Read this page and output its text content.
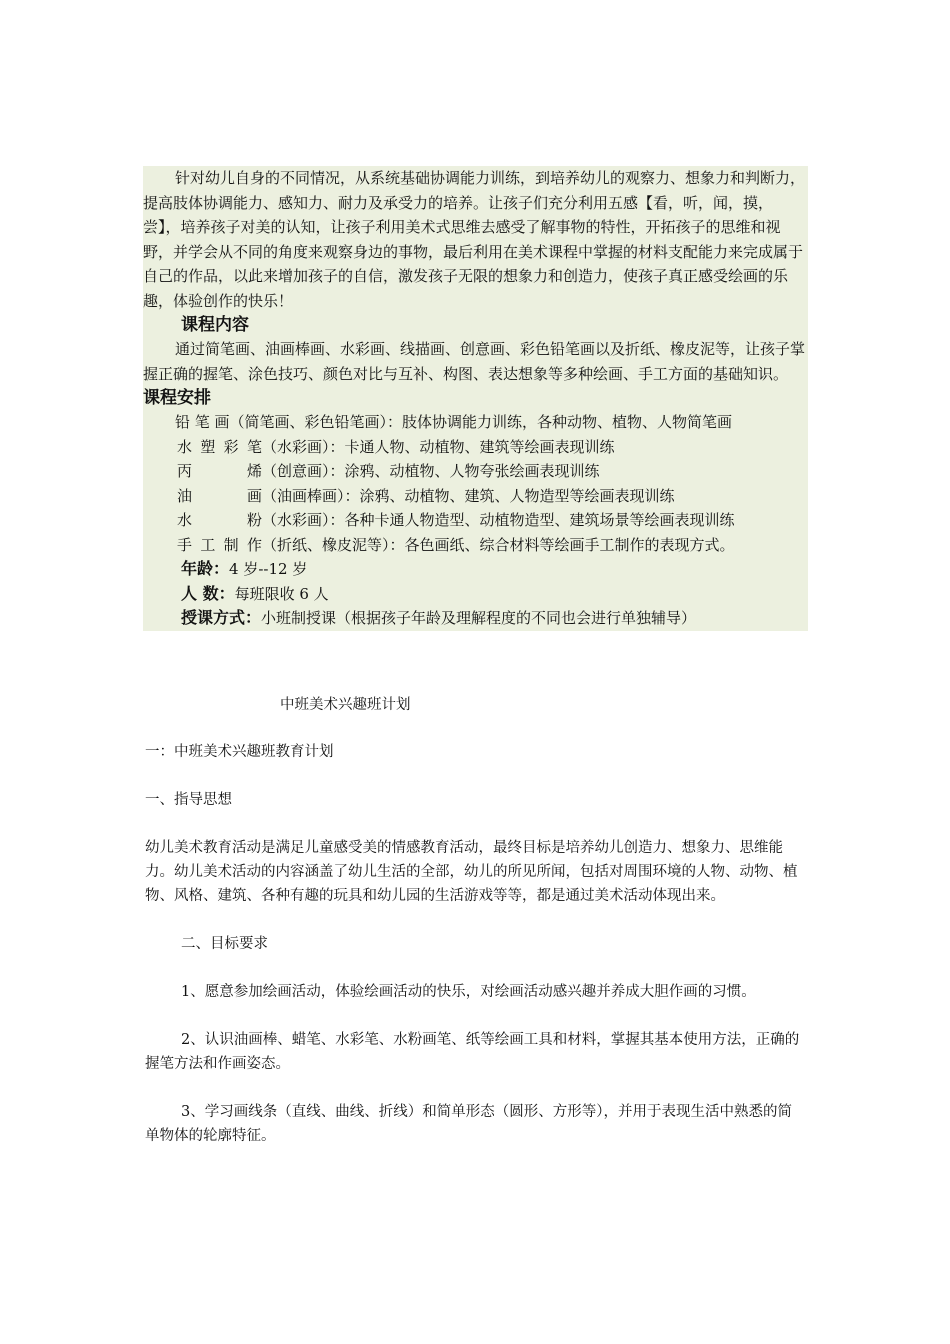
针对幼儿自身的不同情况，从系统基础协调能力训练，到培养幼儿的观察力、想象力和判断力，提高肢体协调能力、感知力、耐力及承受力的培养。让孩子们充分利用五感【看，听，闻，摸，尝】，培养孩子对美的认知，让孩子利用美术式思维去感受了解事物的特性，开拓孩子的思维和视野，并学会从不同的角度来观察身边的事物，最后利用在美术课程中掌握的材料支配能力来完成属于自己的作品，以此来增加孩子的自信，激发孩子无限的想象力和创造力，使孩子真正感受绘画的乐趣，体验创作的快乐！

课程内容

通过简笔画、油画棒画、水彩画、线描画、创意画、彩色铅笔画以及折纸、橡皮泥等，让孩子掌握正确的握笔、涂色技巧、颜色对比与互补、构图、表达想象等多种绘画、手工方面的基础知识。

课程安排

铅 笔 画（简笔画、彩色铅笔画）：肢体协调能力训练，各种动物、植物、人物简笔画

水塑彩笔（水彩画）：卡通人物、动植物、建筑等绘画表现训练
丙烯（创意画）：涂鸦、动植物、人物夸张绘画表现训练
油画（油画棒画）：涂鸦、动植物、建筑、人物造型等绘画表现训练
水粉（水彩画）：各种卡通人物造型、动植物造型、建筑场景等绘画表现训练
手工制作（折纸、橡皮泥等）：各色画纸、综合材料等绘画手工制作的表现方式。
年龄：4 岁--12 岁
人 数：每班限收 6 人
授课方式：小班制授课（根据孩子年龄及理解程度的不同也会进行单独辅导）
中班美术兴趣班计划

一：中班美术兴趣班教育计划

一、指导思想

幼儿美术教育活动是满足儿童感受美的情感教育活动，最终目标是培养幼儿创造力、想象力、思维能力。幼儿美术活动的内容涵盖了幼儿生活的全部，幼儿的所见所闻，包括对周围环境的人物、动物、植物、风格、建筑、各种有趣的玩具和幼儿园的生活游戏等等，都是通过美术活动体现出来。

二、目标要求

1、愿意参加绘画活动，体验绘画活动的快乐，对绘画活动感兴趣并养成大胆作画的习惯。

2、认识油画棒、蜡笔、水彩笔、水粉画笔、纸等绘画工具和材料，掌握其基本使用方法，正确的握笔方法和作画姿态。

3、学习画线条（直线、曲线、折线）和简单形态（圆形、方形等），并用于表现生活中熟悉的简单物体的轮廓特征。
